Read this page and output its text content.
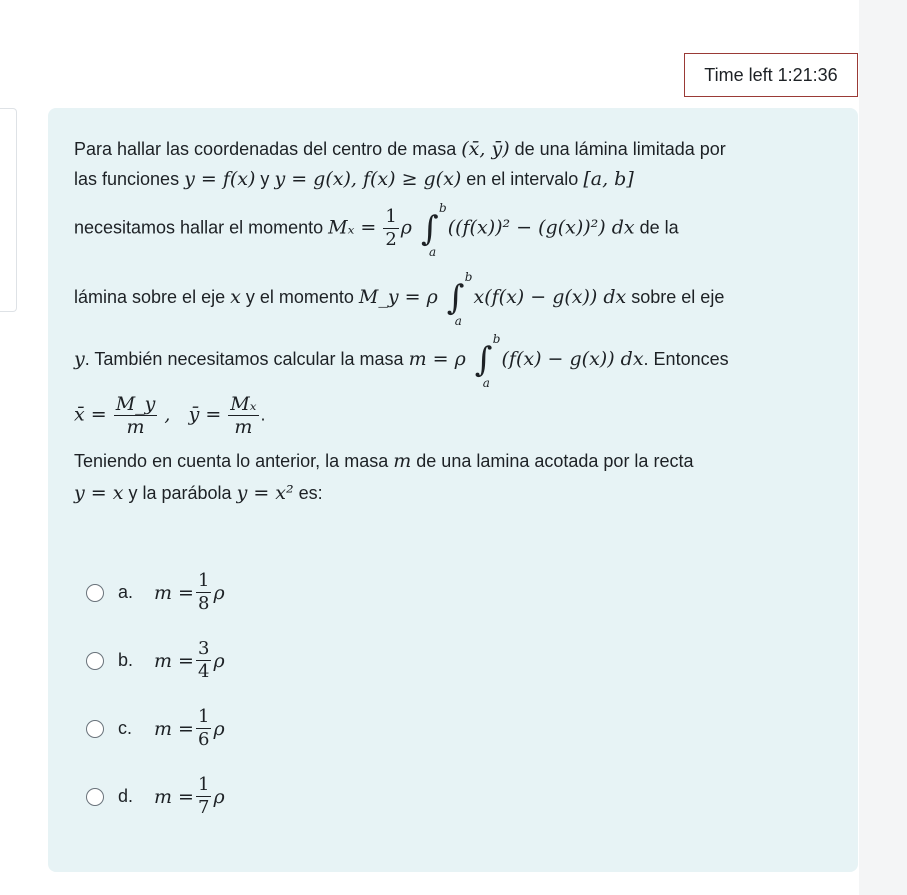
Time left 1:21:36
Para hallar las coordenadas del centro de masa (x̄, ȳ) de una lámina limitada por
las funciones y = f(x) y y = g(x), f(x) ≥ g(x) en el intervalo [a, b]
necesitamos hallar el momento $M_x = \frac{1}{2}$ ρ ∫
b
a
((f(x))² − (g(x))²) dx de la
lámina sobre el eje x y el momento M_y = ρ ∫
b
a
x(f(x) − g(x)) dx sobre el eje
y. También necesitamos calcular la masa m = ρ ∫
b
a
(f(x) − g(x)) dx. Entonces
x̄ = $\frac{M\_y}{m}$ ,   ȳ = $\frac{\text{Mₓ}}{m}$ .
Teniendo en cuenta lo anterior, la masa m de una lamina acotada por la recta
y = x y la parábola y = x² es:
a.	$m = \frac{1}{8}$ ρ
b.	$m = \frac{3}{4}$ ρ
c.	$m = \frac{1}{6}$ ρ
d.	$m = \frac{1}{7}$ ρ
